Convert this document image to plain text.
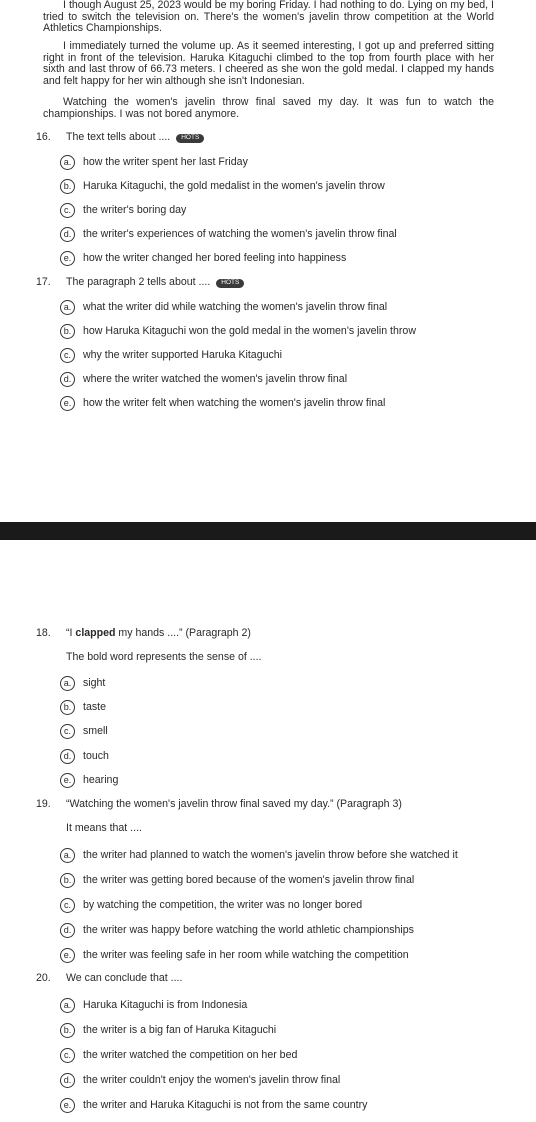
I though August 25, 2023 would be my boring Friday. I had nothing to do. Lying on my bed, I tried to switch the television on. There's the women's javelin throw competition at the World Athletics Championships.

I immediately turned the volume up. As it seemed interesting, I got up and preferred sitting right in front of the television. Haruka Kitaguchi climbed to the top from fourth place with her sixth and last throw of 66.73 meters. I cheered as she won the gold medal. I clapped my hands and felt happy for her win although she isn't Indonesian.

Watching the women's javelin throw final saved my day. It was fun to watch the championships. I was not bored anymore.

16.	The text tells about ....	HOTS
a.	how the writer spent her last Friday
b.	Haruka Kitaguchi, the gold medalist in the women's javelin throw
c.	the writer's boring day
d.	the writer's experiences of watching the women's javelin throw final
e.	how the writer changed her bored feeling into happiness
17.	The paragraph 2 tells about ....	HOTS
a.	what the writer did while watching the women's javelin throw final
b.	how Haruka Kitaguchi won the gold medal in the women's javelin throw
c.	why the writer supported Haruka Kitaguchi
d.	where the writer watched the women's javelin throw final
e.	how the writer felt when watching the women's javelin throw final
18.	“I clapped my hands ....” (Paragraph 2)
The bold word represents the sense of ....
a.	sight
b.	taste
c.	smell
d.	touch
e.	hearing
19.	“Watching the women's javelin throw final saved my day.” (Paragraph 3)
It means that ....
a.	the writer had planned to watch the women's javelin throw before she watched it
b.	the writer was getting bored because of the women's javelin throw final
c.	by watching the competition, the writer was no longer bored
d.	the writer was happy before watching the world athletic championships
e.	the writer was feeling safe in her room while watching the competition
20.	We can conclude that ....
a.	Haruka Kitaguchi is from Indonesia
b.	the writer is a big fan of Haruka Kitaguchi
c.	the writer watched the competition on her bed
d.	the writer couldn't enjoy the women's javelin throw final
e.	the writer and Haruka Kitaguchi is not from the same country
